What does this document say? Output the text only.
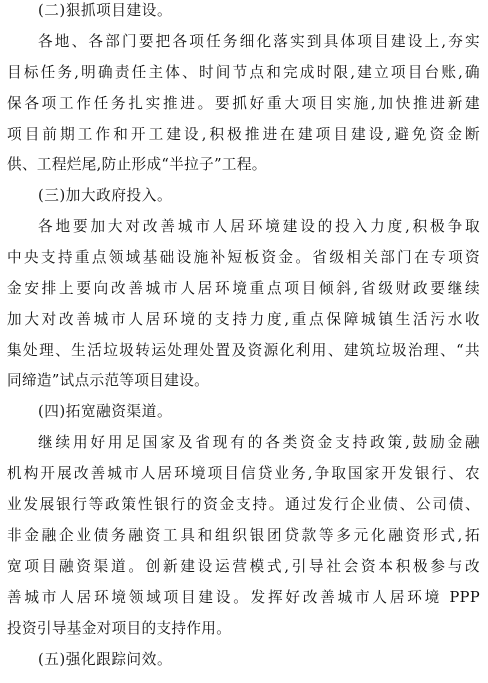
(二)狠抓项目建设。
各地、各部门要把各项任务细化落实到具体项目建设上,夯实
目标任务,明确责任主体、时间节点和完成时限,建立项目台账,确
保各项工作任务扎实推进。要抓好重大项目实施,加快推进新建
项目前期工作和开工建设,积极推进在建项目建设,避免资金断
供、工程烂尾,防止形成“半拉子”工程。
(三)加大政府投入。
各地要加大对改善城市人居环境建设的投入力度,积极争取
中央支持重点领域基础设施补短板资金。省级相关部门在专项资
金安排上要向改善城市人居环境重点项目倾斜,省级财政要继续
加大对改善城市人居环境的支持力度,重点保障城镇生活污水收
集处理、生活垃圾转运处理处置及资源化利用、建筑垃圾治理、“共
同缔造”试点示范等项目建设。
(四)拓宽融资渠道。
继续用好用足国家及省现有的各类资金支持政策,鼓励金融
机构开展改善城市人居环境项目信贷业务,争取国家开发银行、农
业发展银行等政策性银行的资金支持。通过发行企业债、公司债、
非金融企业债务融资工具和组织银团贷款等多元化融资形式,拓
宽项目融资渠道。创新建设运营模式,引导社会资本积极参与改
善城市人居环境领域项目建设。发挥好改善城市人居环境 PPP
投资引导基金对项目的支持作用。
(五)强化跟踪问效。
